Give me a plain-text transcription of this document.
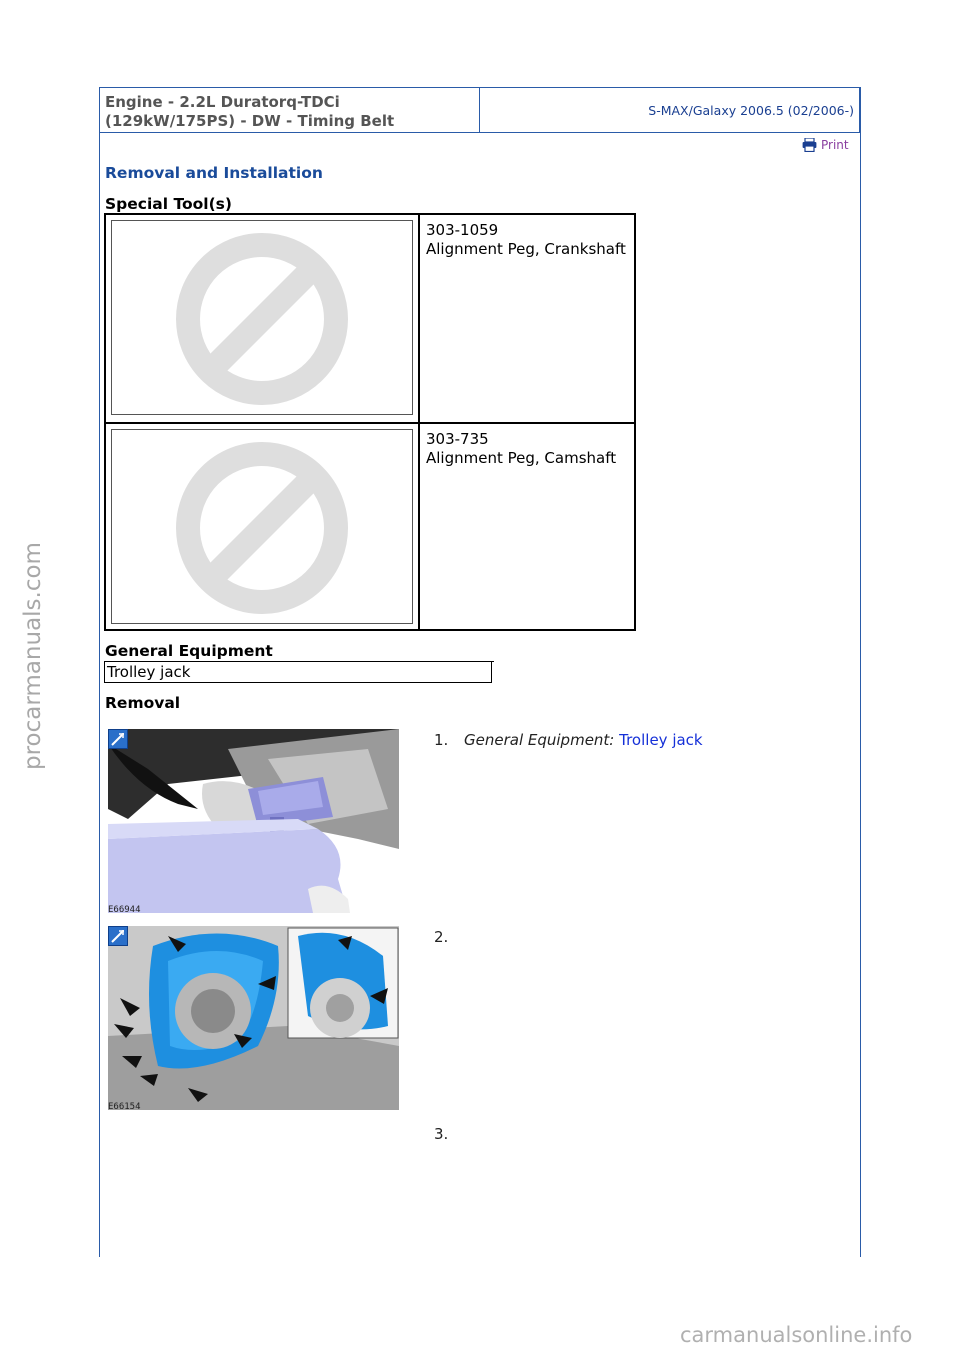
Engine - 2.2L Duratorq-TDCi
(129kW/175PS) - DW - Timing Belt
S-MAX/Galaxy 2006.5 (02/2006-)
Print
Removal and Installation
Special Tool(s)
303-1059
Alignment Peg, Crankshaft
303-735
Alignment Peg, Camshaft
General Equipment
Trolley jack
Removal
E66944
1. General Equipment: Trolley jack
E66154
2.
3.
procarmanuals.com
carmanualsonline.info
